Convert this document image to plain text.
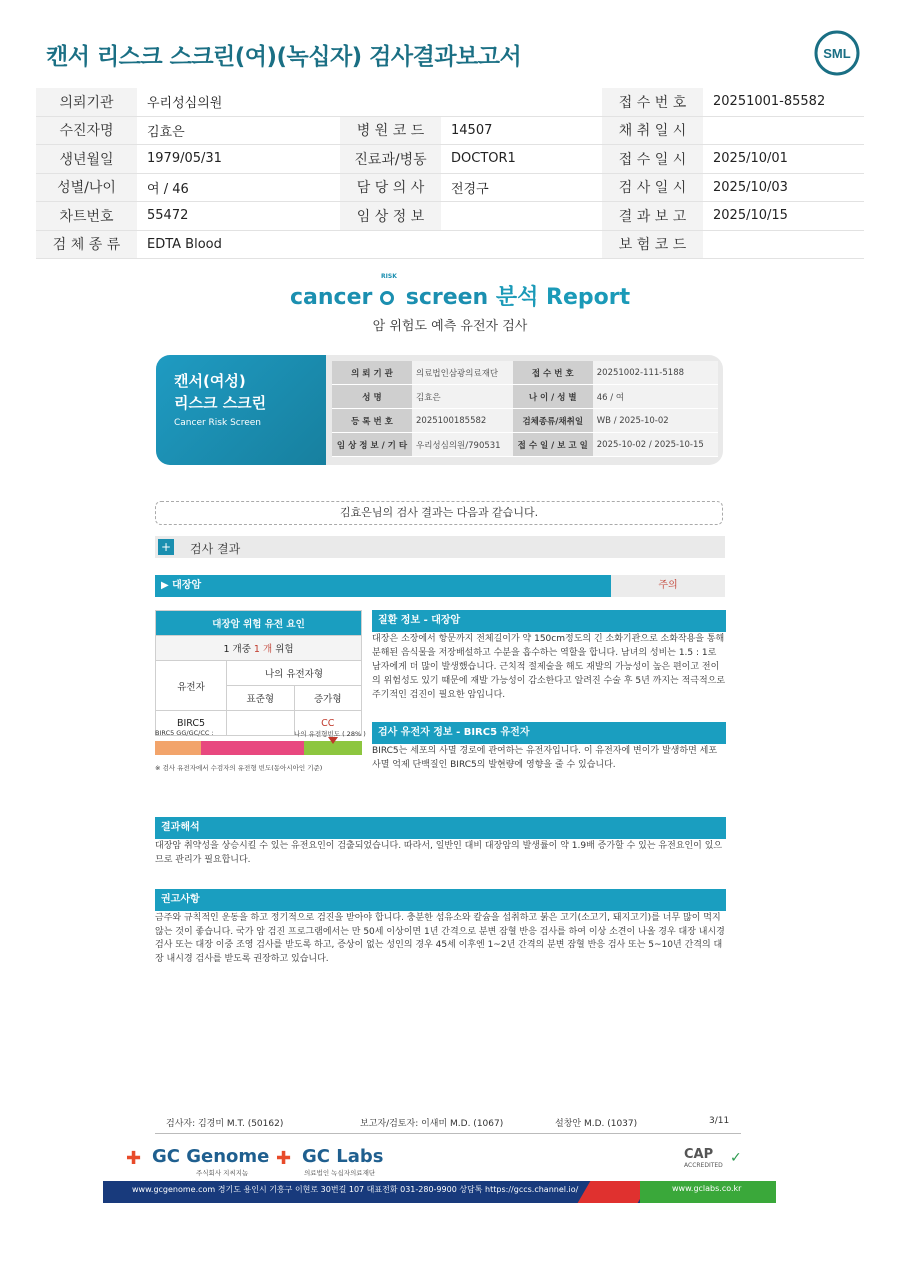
캔서 리스크 스크린(여)(녹십자) 검사결과보고서	SML
의뢰기관	우리성심의원			접 수 번 호	20251001-85582
수진자명	김효은	병 원 코 드	14507	채 취 일 시	
생년월일	1979/05/31	진료과/병동	DOCTOR1	접 수 일 시	2025/10/01
성별/나이	여 / 46	담 당 의 사	전경구	검 사 일 시	2025/10/03
차트번호	55472	임 상 정 보		결 과 보 고	2025/10/15
검 체 종 류	EDTA Blood			보 험 코 드	
cancer
RISK
screen 분석 Report
암 위험도 예측 유전자 검사
캔서(여성)
리스크 스크린
Cancer Risk Screen
의 뢰 기 관	의료법인삼광의료재단	접 수 번 호	20251002-111-5188
성 명	김효은	나 이 / 성 별	46 / 여
등 록 번 호	2025100185582	검체종류/채취일	WB / 2025-10-02
임 상 정 보 / 기 타	우리성심의원/790531	접 수 일 / 보 고 일	2025-10-02 / 2025-10-15
김효은님의 검사 결과는 다음과 같습니다.
+ 검사 결과
▶ 대장암	주의
대장암 위험 유전 요인		
1 개중 1 개 위험		
유전자	나의 유전자형	
	표준형	증가형
BIRC5		CC
BIRC5 GG/GC/CC :	나의 유전형빈도 ( 28% )
※ 검사 유전자에서 수검자의 유전형 빈도(동아시아인 기준)
질환 정보 - 대장암
대장은 소장에서 항문까지 전체길이가 약 150cm정도의 긴 소화기관으로 소화작용을 통해 분해된 음식물을 저장배설하고 수분을 흡수하는 역할을 합니다. 남녀의 성비는 1.5 : 1로 남자에게 더 많이 발생했습니다. 근치적 절제술을 해도 재발의 가능성이 높은 편이고 전이의 위험성도 있기 때문에 재발 가능성이 감소한다고 알려진 수술 후 5년 까지는 적극적으로 주기적인 검진이 필요한 암입니다.
검사 유전자 정보 - BIRC5 유전자
BIRC5는 세포의 사멸 경로에 관여하는 유전자입니다. 이 유전자에 변이가 발생하면 세포 사멸 억제 단백질인 BIRC5의 발현량에 영향을 줄 수 있습니다.
결과해석
대장암 취약성을 상승시킬 수 있는 유전요인이 검출되었습니다. 따라서, 일반인 대비 대장암의 발생률이 약 1.9배 증가할 수 있는 유전요인이 있으므로 관리가 필요합니다.
권고사항
금주와 규칙적인 운동을 하고 정기적으로 검진을 받아야 합니다. 충분한 섬유소와 칼슘을 섭취하고 붉은 고기(소고기, 돼지고기)를 너무 많이 먹지 않는 것이 좋습니다. 국가 암 검진 프로그램에서는 만 50세 이상이면 1년 간격으로 분변 잠혈 반응 검사를 하여 이상 소견이 나올 경우 대장 내시경 검사 또는 대장 이중 조영 검사를 받도록 하고, 증상이 없는 성인의 경우 45세 이후엔 1~2년 간격의 분변 잠혈 반응 검사 또는 5~10년 간격의 대장 내시경 검사를 받도록 권장하고 있습니다.
검사자: 김경미 M.T. (50162)	보고자/검토자: 이새미 M.D. (1067)	설창안 M.D. (1037)	3/11
✚ GC Genome
주식회사 지씨지놈
✚ GC Labs
의료법인 녹십자의료재단
CAP
ACCREDITED ✓
www.gcgenome.com 경기도 용인시 기흥구 이현로 30번길 107 대표전화 031-280-9900 상담톡 https://gccs.channel.io/	www.gclabs.co.kr
